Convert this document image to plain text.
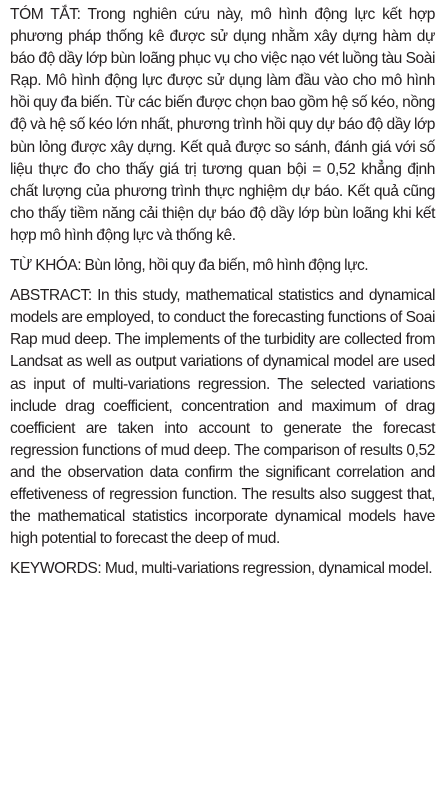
TÓM TẮT: Trong nghiên cứu này, mô hình động lực kết hợp phương pháp thống kê được sử dụng nhằm xây dựng hàm dự báo độ dầy lớp bùn loãng phục vụ cho việc nạo vét luồng tàu Soài Rạp. Mô hình động lực được sử dụng làm đầu vào cho mô hình hồi quy đa biến. Từ các biến được chọn bao gồm hệ số kéo, nồng độ và hệ số kéo lớn nhất, phương trình hồi quy dự báo độ dầy lớp bùn lỏng được xây dựng. Kết quả được so sánh, đánh giá với số liệu thực đo cho thấy giá trị tương quan bội = 0,52 khẳng định chất lượng của phương trình thực nghiệm dự báo. Kết quả cũng cho thấy tiềm năng cải thiện dự báo độ dầy lớp bùn loãng khi kết hợp mô hình động lực và thống kê.

TỪ KHÓA: Bùn lỏng, hồi quy đa biến, mô hình động lực.

ABSTRACT: In this study, mathematical statistics and dynamical models are employed, to conduct the forecasting functions of Soai Rap mud deep. The implements of the turbidity are collected from Landsat as well as output variations of dynamical model are used as input of multi-variations regression. The selected variations include drag coefficient, concentration and maximum of drag coefficient are taken into account to generate the forecast regression functions of mud deep. The comparison of results 0,52 and the observation data confirm the significant correlation and effetiveness of regression function. The results also suggest that, the mathematical statistics incorporate dynamical models have high potential to forecast the deep of mud.

KEYWORDS: Mud, multi-variations regression, dynamical model.
